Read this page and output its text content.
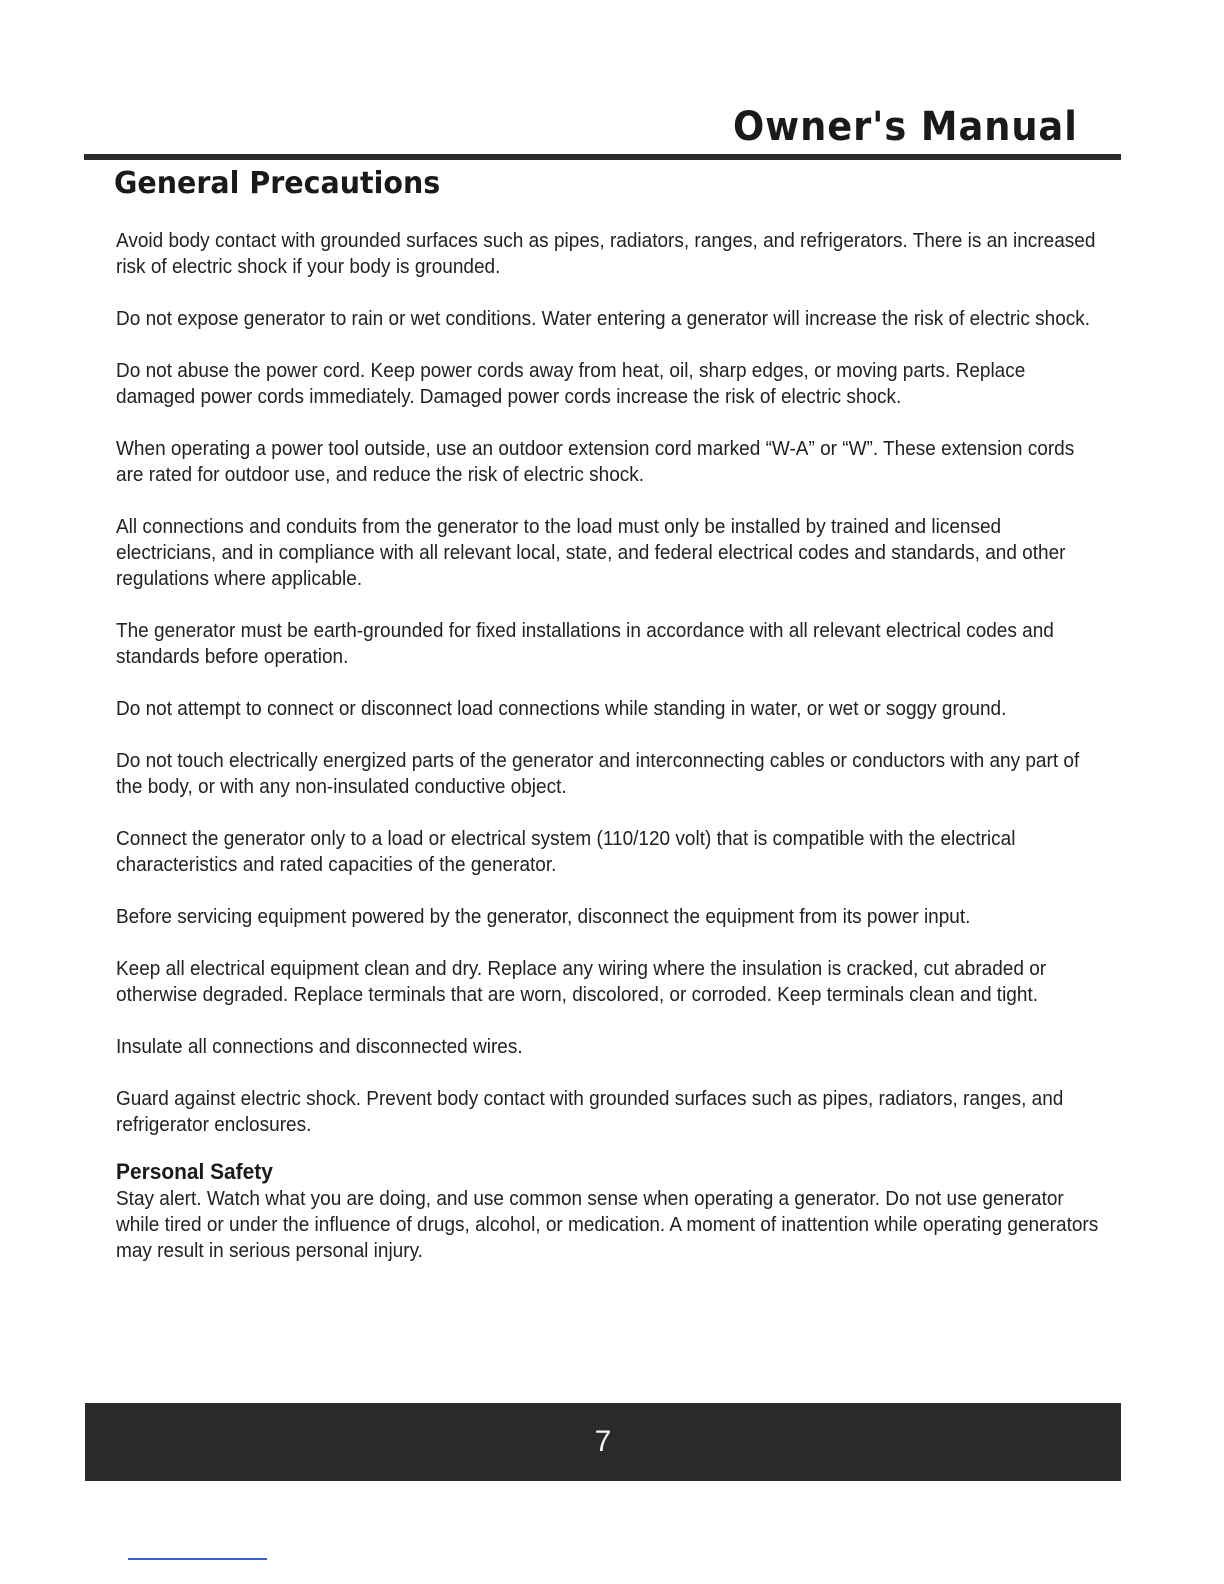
Owner's Manual
General Precautions

Avoid body contact with grounded surfaces such as pipes, radiators, ranges, and refrigerators. There is an increased risk of electric shock if your body is grounded.

Do not expose generator to rain or wet conditions. Water entering a generator will increase the risk of electric shock.

Do not abuse the power cord. Keep power cords away from heat, oil, sharp edges, or moving parts. Replace damaged power cords immediately. Damaged power cords increase the risk of electric shock.

When operating a power tool outside, use an outdoor extension cord marked “W-A” or “W”. These extension cords are rated for outdoor use, and reduce the risk of electric shock.

All connections and conduits from the generator to the load must only be installed by trained and licensed electricians, and in compliance with all relevant local, state, and federal electrical codes and standards, and other regulations where applicable.

The generator must be earth-grounded for fixed installations in accordance with all relevant electrical codes and standards before operation.

Do not attempt to connect or disconnect load connections while standing in water, or wet or soggy ground.

Do not touch electrically energized parts of the generator and interconnecting cables or conductors with any part of the body, or with any non-insulated conductive object.

Connect the generator only to a load or electrical system (110/120 volt) that is compatible with the electrical characteristics and rated capacities of the generator.

Before servicing equipment powered by the generator, disconnect the equipment from its power input.

Keep all electrical equipment clean and dry. Replace any wiring where the insulation is cracked, cut abraded or otherwise degraded. Replace terminals that are worn, discolored, or corroded. Keep terminals clean and tight.

Insulate all connections and disconnected wires.

Guard against electric shock. Prevent body contact with grounded surfaces such as pipes, radiators, ranges, and refrigerator enclosures.

Personal Safety

Stay alert. Watch what you are doing, and use common sense when operating a generator. Do not use generator while tired or under the influence of drugs, alcohol, or medication. A moment of inattention while operating generators may result in serious personal injury.

7
